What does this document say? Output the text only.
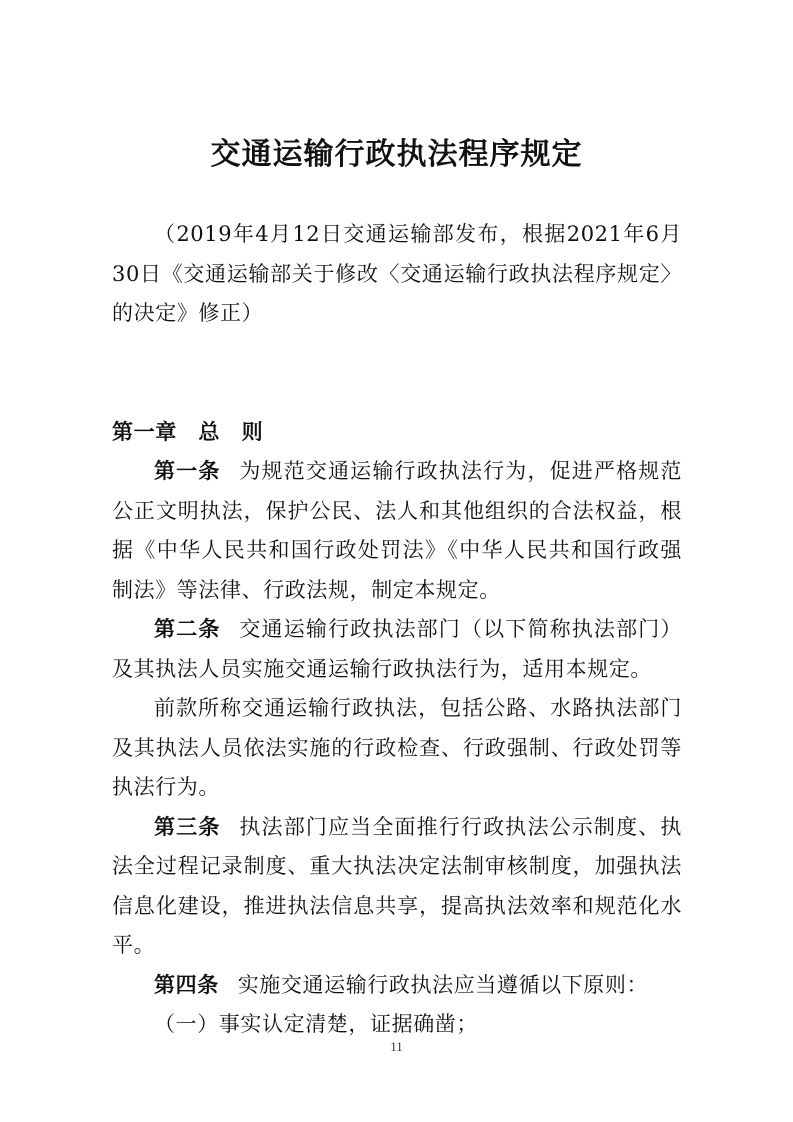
交通运输行政执法程序规定

（2019年4月12日交通运输部发布，根据2021年6月30日《交通运输部关于修改〈交通运输行政执法程序规定〉的决定》修正）

第一章　总　则

第一条 为规范交通运输行政执法行为，促进严格规范公正文明执法，保护公民、法人和其他组织的合法权益，根据《中华人民共和国行政处罚法》《中华人民共和国行政强制法》等法律、行政法规，制定本规定。

第二条 交通运输行政执法部门（以下简称执法部门）及其执法人员实施交通运输行政执法行为，适用本规定。

前款所称交通运输行政执法，包括公路、水路执法部门及其执法人员依法实施的行政检查、行政强制、行政处罚等执法行为。

第三条 执法部门应当全面推行行政执法公示制度、执法全过程记录制度、重大执法决定法制审核制度，加强执法信息化建设，推进执法信息共享，提高执法效率和规范化水平。

第四条 实施交通运输行政执法应当遵循以下原则：

（一）事实认定清楚，证据确凿；

11
